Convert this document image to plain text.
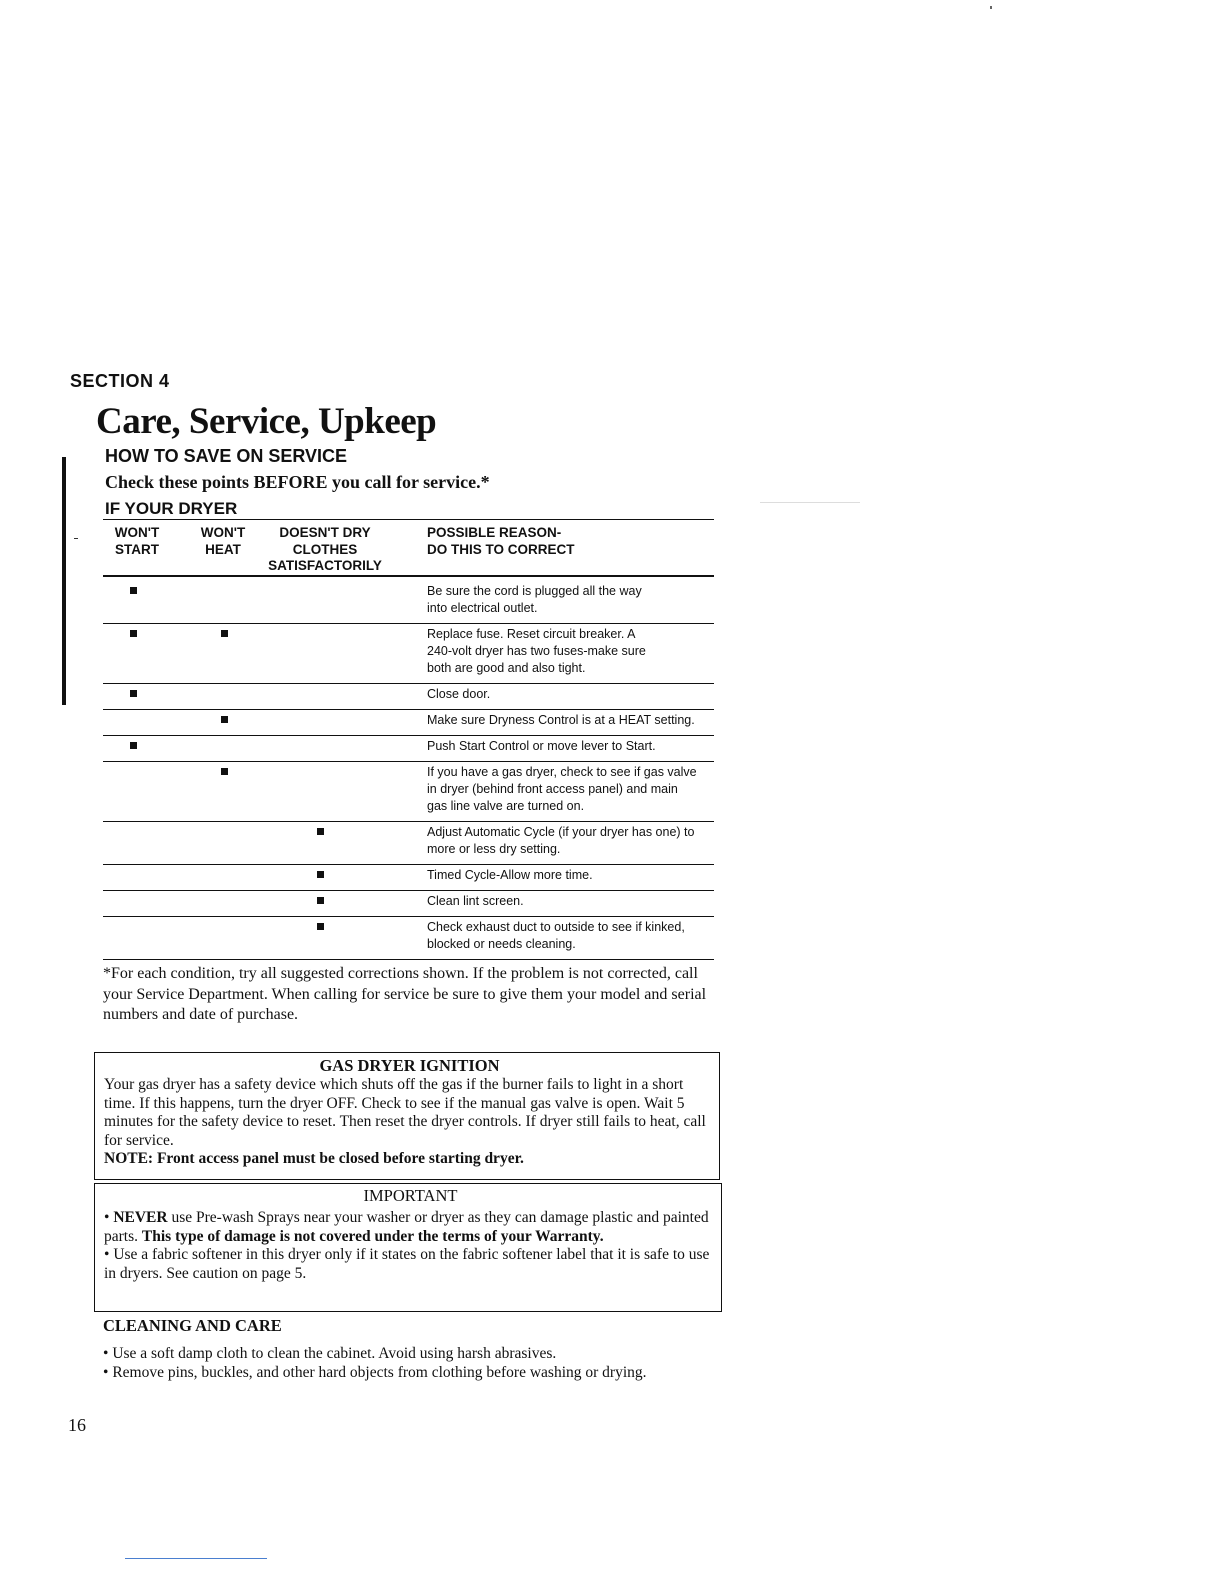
SECTION 4
Care, Service, Upkeep
HOW TO SAVE ON SERVICE
Check these points BEFORE you call for service.*
IF YOUR DRYER
WON'T
START
WON'T
HEAT
DOESN'T DRY
CLOTHES
SATISFACTORILY
POSSIBLE REASON-
DO THIS TO CORRECT
Be sure the cord is plugged all the way
into electrical outlet.
Replace fuse. Reset circuit breaker. A
240-volt dryer has two fuses-make sure
both are good and also tight.
Close door.
Make sure Dryness Control is at a HEAT setting.
Push Start Control or move lever to Start.
If you have a gas dryer, check to see if gas valve
in dryer (behind front access panel) and main
gas line valve are turned on.
Adjust Automatic Cycle (if your dryer has one) to
more or less dry setting.
Timed Cycle-Allow more time.
Clean lint screen.
Check exhaust duct to outside to see if kinked,
blocked or needs cleaning.
*For each condition, try all suggested corrections shown. If the problem is not corrected, call your Service Department. When calling for service be sure to give them your model and serial numbers and date of purchase.

GAS DRYER IGNITION

Your gas dryer has a safety device which shuts off the gas if the burner fails to light in a short time. If this happens, turn the dryer OFF. Check to see if the manual gas valve is open. Wait 5 minutes for the safety device to reset. Then reset the dryer controls. If dryer still fails to heat, call for service.

NOTE: Front access panel must be closed before starting dryer.

IMPORTANT

• NEVER use Pre-wash Sprays near your washer or dryer as they can damage plastic and painted parts. This type of damage is not covered under the terms of your Warranty.

• Use a fabric softener in this dryer only if it states on the fabric softener label that it is safe to use in dryers. See caution on page 5.

CLEANING AND CARE
• Use a soft damp cloth to clean the cabinet. Avoid using harsh abrasives.
• Remove pins, buckles, and other hard objects from clothing before washing or drying.
16
